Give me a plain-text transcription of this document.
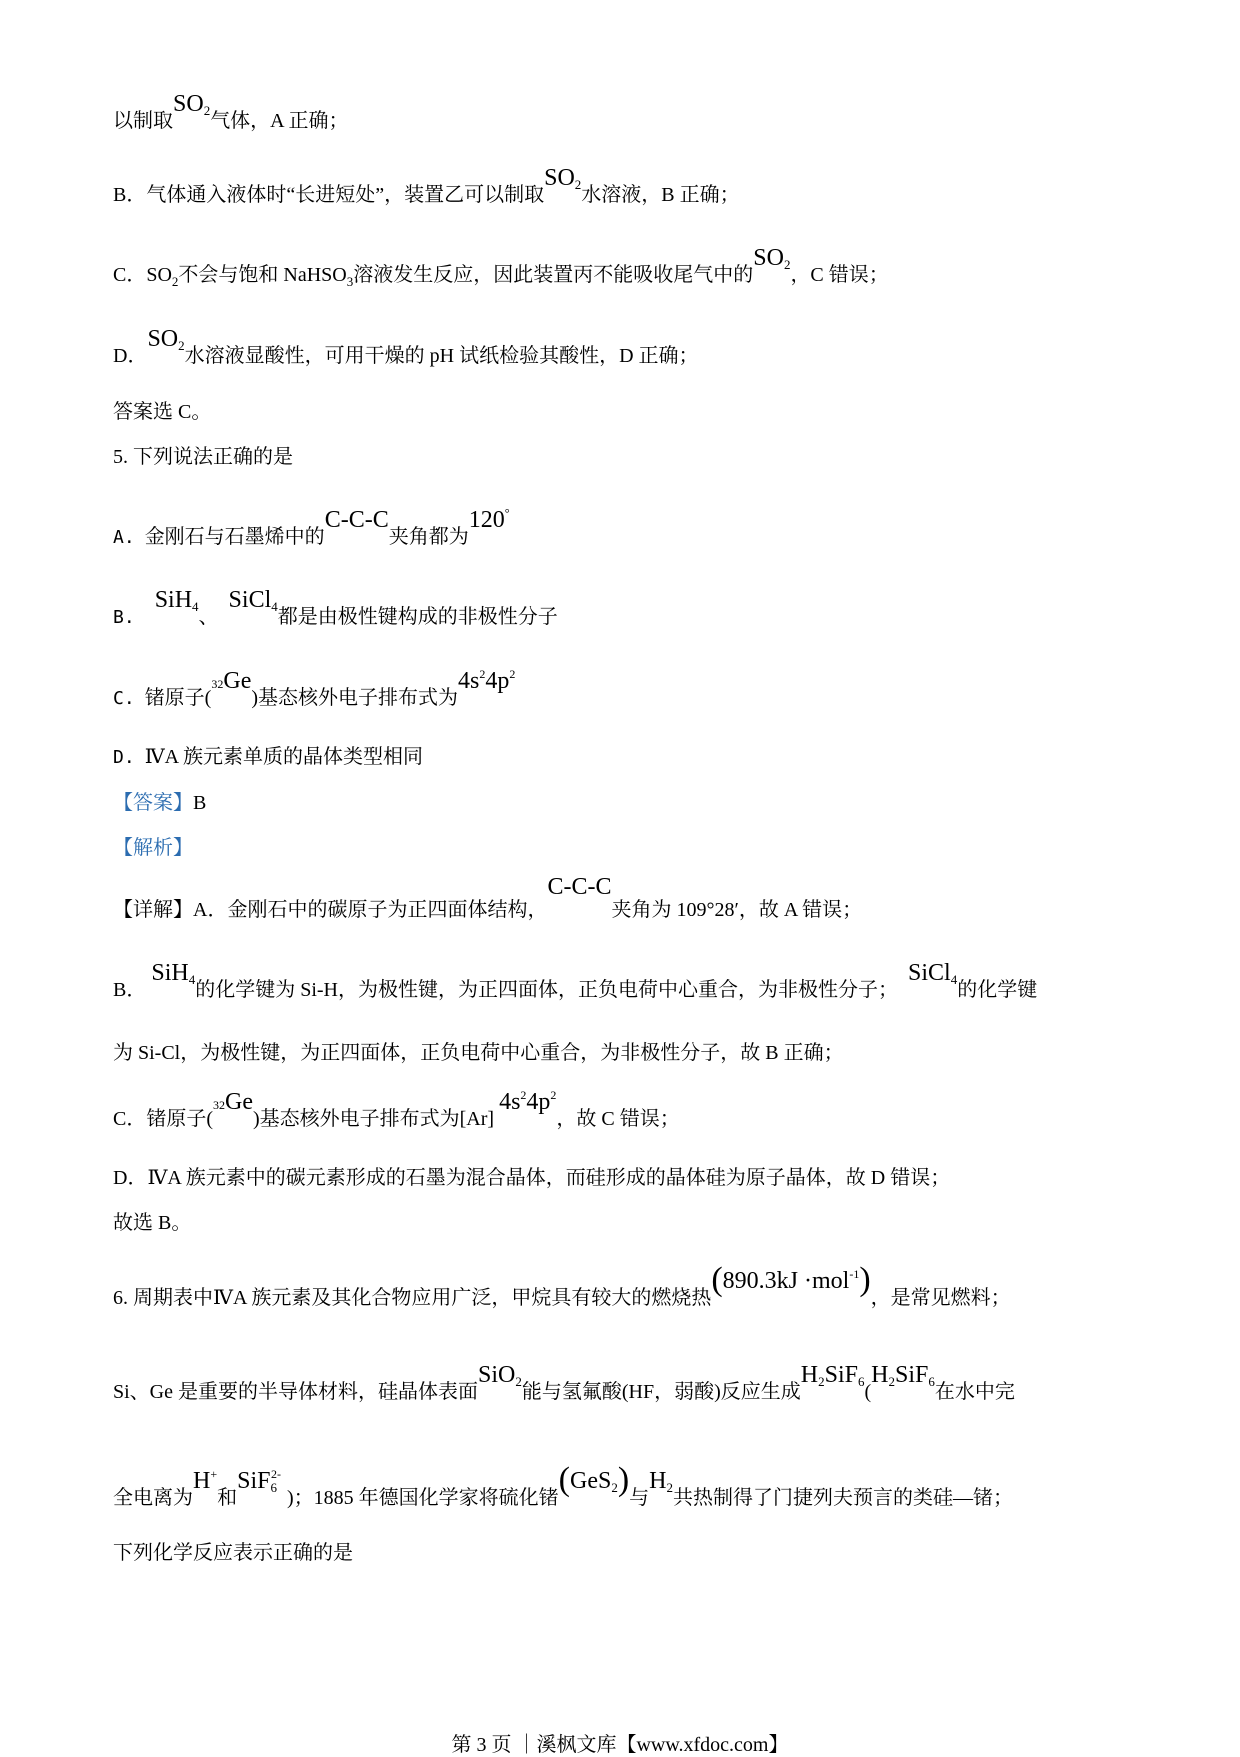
以制取$SO_2$气体，A 正确；
B．气体通入液体时“长进短处”，装置乙可以制取$SO_2$水溶液，B 正确；
C．$SO_2$不会与饱和 NaHSO$_3$溶液发生反应，因此装置丙不能吸收尾气中的$SO_2$，C 错误；
D．$SO_2$水溶液显酸性，可用干燥的 pH 试纸检验其酸性，D 正确；
答案选 C。
5. 下列说法正确的是
A. 金刚石与石墨烯中的C-C-C夹角都为120°
B.    SiH$_4$、  SiCl$_4$都是由极性键构成的非极性分子
C. 锗原子(32Ge)基态核外电子排布式为$4s^24p^2$
D. ⅣA 族元素单质的晶体类型相同
【答案】B
【解析】
【详解】A．金刚石中的碳原子为正四面体结构，C-C-C夹角为 109°28′，故 A 错误；
B． SiH$_4$的化学键为 Si-H，为极性键，为正四面体，正负电荷中心重合，为非极性分子；  SiCl$_4$的化学键
为 Si-Cl，为极性键，为正四面体，正负电荷中心重合，为非极性分子，故 B 正确；
C．锗原子(32Ge)基态核外电子排布式为[Ar] $4s^24p^2$，故 C 错误；
D．ⅣA 族元素中的碳元素形成的石墨为混合晶体，而硅形成的晶体硅为原子晶体，故 D 错误；
故选 B。
6. 周期表中ⅣA 族元素及其化合物应用广泛，甲烷具有较大的燃烧热(890.3kJ ·mol$^{-1}$)，是常见燃料；
Si、Ge 是重要的半导体材料，硅晶体表面SiO$_2$能与氢氟酸(HF，弱酸)反应生成$H_2SiF_6(H_2SiF_6$在水中完
全电离为H+和SiF$_6^{2-}$)；1885 年德国化学家将硫化锗(GeS$_2$)与$H_2$共热制得了门捷列夫预言的类硅—锗；
下列化学反应表示正确的是
第 3 页 ｜溪枫文库【www.xfdoc.com】
